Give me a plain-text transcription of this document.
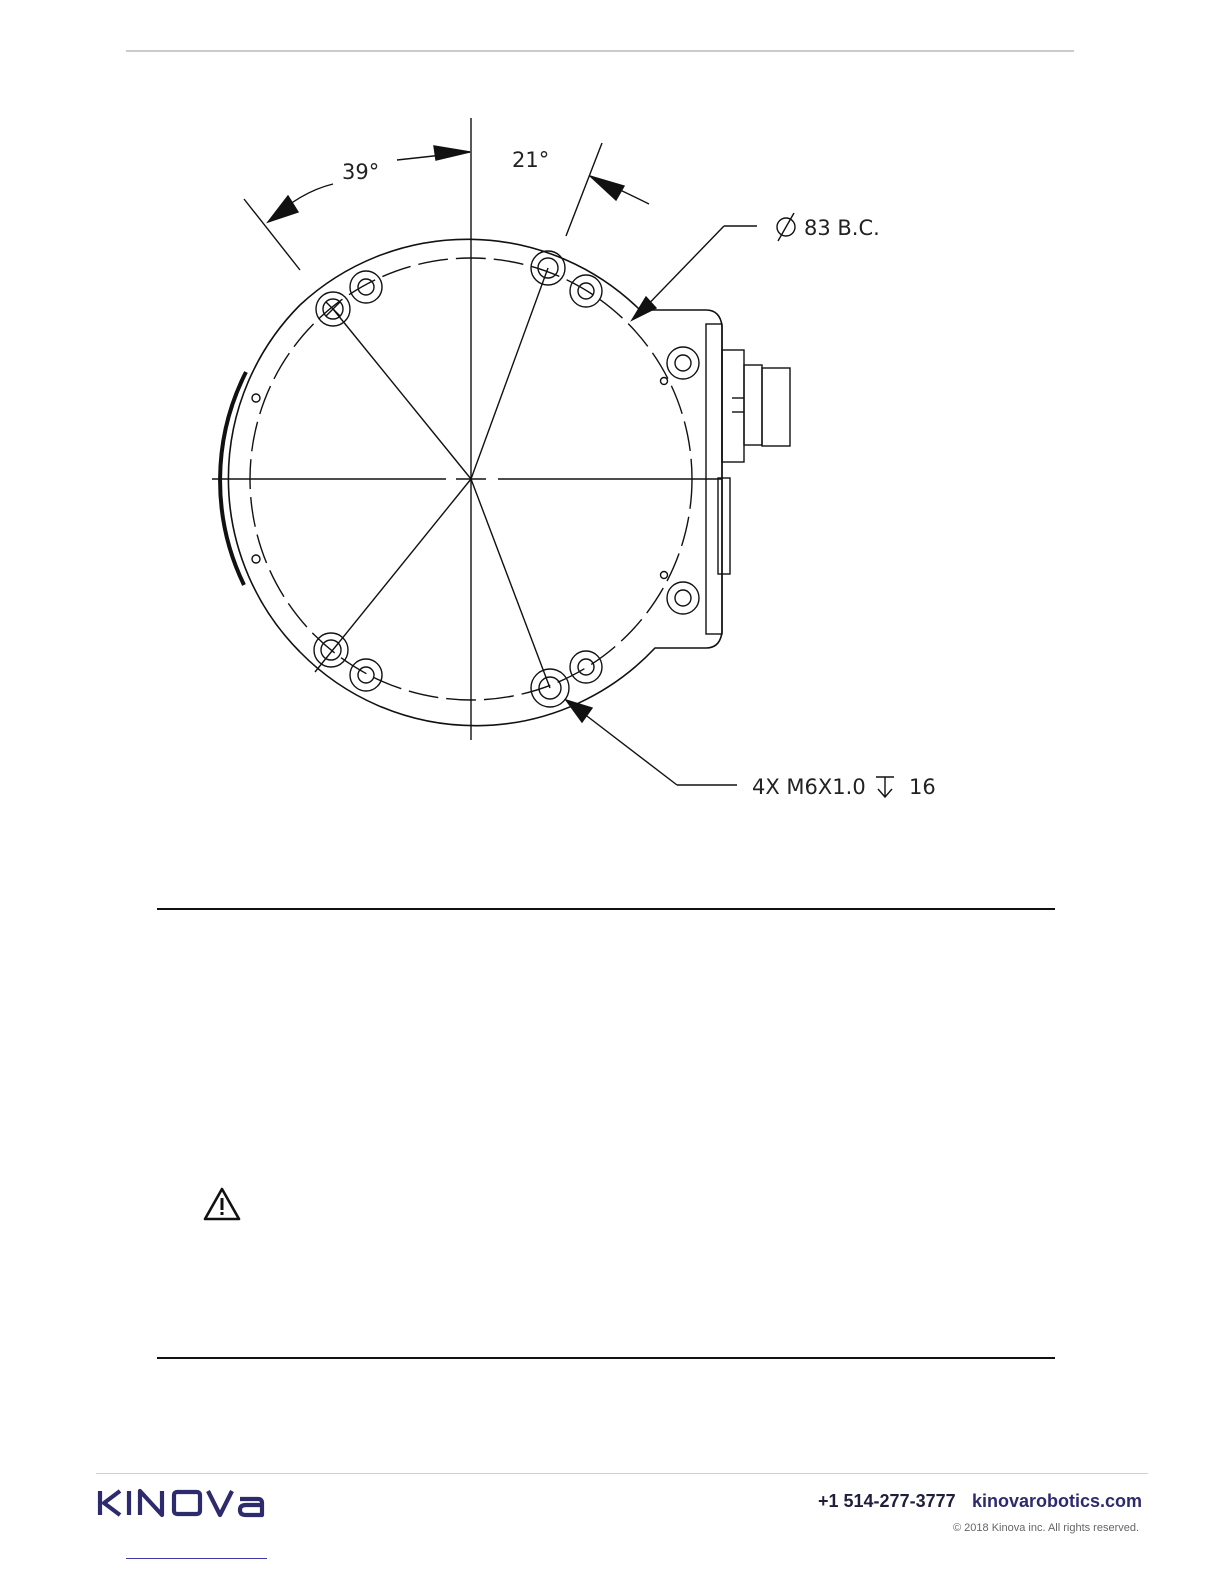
39°	21°
83 B.C.
4X M6X1.0 16
+1 514-277-3777 kinovarobotics.com
© 2018 Kinova inc. All rights reserved.
